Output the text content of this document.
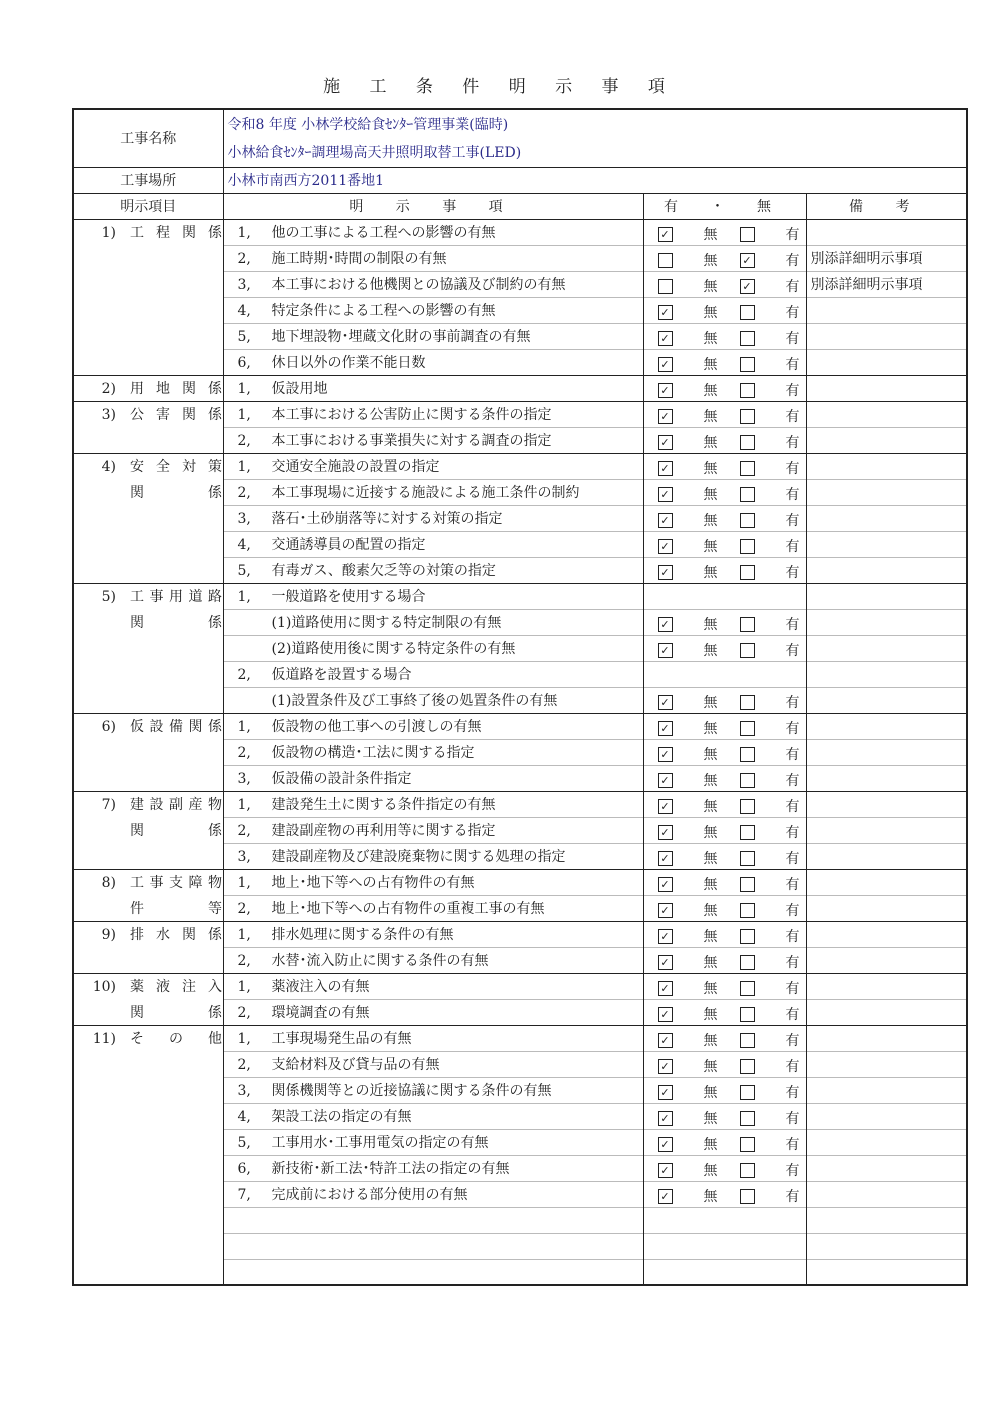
施 工 条 件 明 示 事 項
工事名称	令和8 年度 小林学校給食ｾﾝﾀｰ管理事業(臨時)		
	小林給食ｾﾝﾀｰ調理場高天井照明取替工事(LED)		
工事場所	小林市南西方2011番地1		
明示項目	明 示 事 項	有 ・ 無	備 考
1) 工程関係	1, 他の工事による工程への影響の有無	✓ 無 有	

	2, 施工時期･時間の制限の有無	無 ✓ 有	別添詳細明示事項
	3, 本工事における他機関との協議及び制約の有無	無 ✓ 有	別添詳細明示事項
	4, 特定条件による工程への影響の有無	✓ 無 有	

	5, 地下埋設物･埋蔵文化財の事前調査の有無	✓ 無 有	

	6, 休日以外の作業不能日数	✓ 無 有	

2) 用地関係	1, 仮設用地	✓ 無 有	

3) 公害関係	1, 本工事における公害防止に関する条件の指定	✓ 無 有	

	2, 本工事における事業損失に対する調査の指定	✓ 無 有	

4) 安全対策	1, 交通安全施設の設置の指定	✓ 無 有	

関係	2, 本工事現場に近接する施設による施工条件の制約	✓ 無 有	

	3, 落石･土砂崩落等に対する対策の指定	✓ 無 有	

	4, 交通誘導員の配置の指定	✓ 無 有	

	5, 有毒ガス、酸素欠乏等の対策の指定	✓ 無 有	

5) 工事用道路	1, 一般道路を使用する場合		
関係	(1)道路使用に関する特定制限の有無	✓ 無 有	

	(2)道路使用後に関する特定条件の有無	✓ 無 有	

	2, 仮道路を設置する場合		
	(1)設置条件及び工事終了後の処置条件の有無	✓ 無 有	

6) 仮設備関係	1, 仮設物の他工事への引渡しの有無	✓ 無 有	

	2, 仮設物の構造･工法に関する指定	✓ 無 有	

	3, 仮設備の設計条件指定	✓ 無 有	

7) 建設副産物	1, 建設発生土に関する条件指定の有無	✓ 無 有	

関係	2, 建設副産物の再利用等に関する指定	✓ 無 有	

	3, 建設副産物及び建設廃棄物に関する処理の指定	✓ 無 有	

8) 工事支障物	1, 地上･地下等への占有物件の有無	✓ 無 有	

件等	2, 地上･地下等への占有物件の重複工事の有無	✓ 無 有	

9) 排水関係	1, 排水処理に関する条件の有無	✓ 無 有	

	2, 水替･流入防止に関する条件の有無	✓ 無 有	

10) 薬液注入	1, 薬液注入の有無	✓ 無 有	

関係	2, 環境調査の有無	✓ 無 有	

11) その他	1, 工事現場発生品の有無	✓ 無 有	

	2, 支給材料及び貸与品の有無	✓ 無 有	

	3, 関係機関等との近接協議に関する条件の有無	✓ 無 有	

	4, 架設工法の指定の有無	✓ 無 有	

	5, 工事用水･工事用電気の指定の有無	✓ 無 有	

	6, 新技術･新工法･特許工法の指定の有無	✓ 無 有	

	7, 完成前における部分使用の有無	✓ 無 有	
